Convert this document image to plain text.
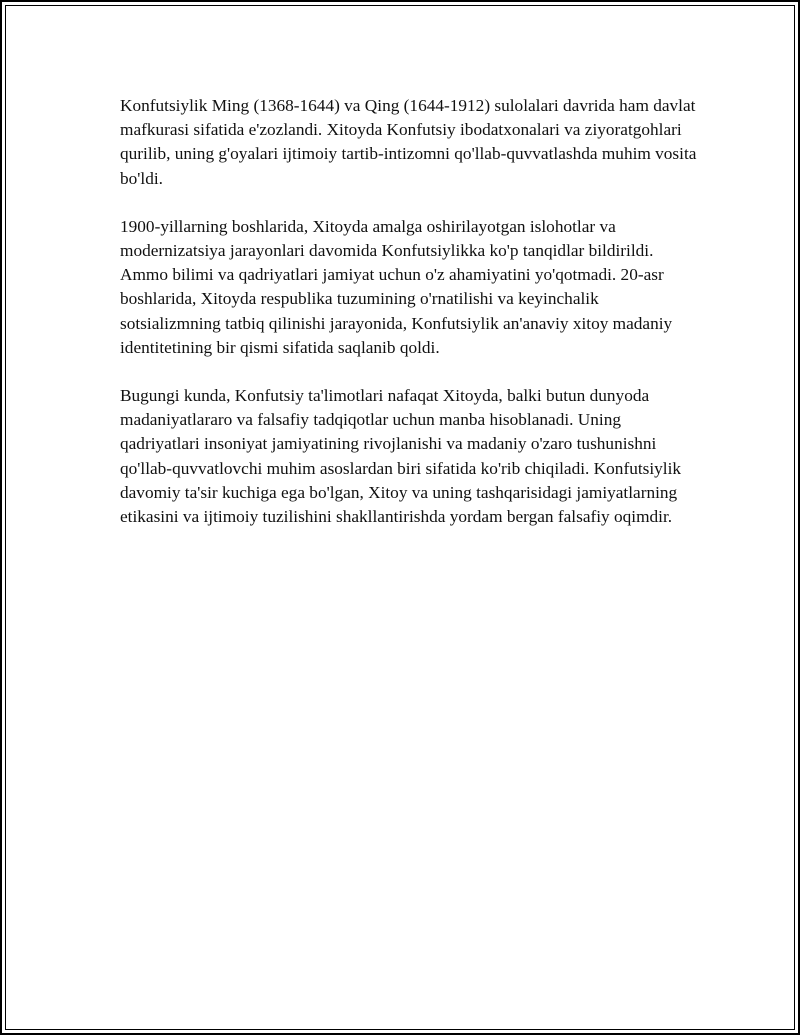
Konfutsiylik Ming (1368-1644) va Qing (1644-1912) sulolalari davrida ham davlat mafkurasi sifatida e'zozlandi. Xitoyda Konfutsiy ibodatxonalari va ziyoratgohlari qurilib, uning g'oyalari ijtimoiy tartib-intizomni qo'llab-quvvatlashda muhim vosita bo'ldi.

1900-yillarning boshlarida, Xitoyda amalga oshirilayotgan islohotlar va modernizatsiya jarayonlari davomida Konfutsiylikka ko'p tanqidlar bildirildi. Ammo bilimi va qadriyatlari jamiyat uchun o'z ahamiyatini yo'qotmadi. 20-asr boshlarida, Xitoyda respublika tuzumining o'rnatilishi va keyinchalik sotsializmning tatbiq qilinishi jarayonida, Konfutsiylik an'anaviy xitoy madaniy identitetining bir qismi sifatida saqlanib qoldi.

Bugungi kunda, Konfutsiy ta'limotlari nafaqat Xitoyda, balki butun dunyoda madaniyatlararo va falsafiy tadqiqotlar uchun manba hisoblanadi. Uning qadriyatlari insoniyat jamiyatining rivojlanishi va madaniy o'zaro tushunishni qo'llab-quvvatlovchi muhim asoslardan biri sifatida ko'rib chiqiladi. Konfutsiylik davomiy ta'sir kuchiga ega bo'lgan, Xitoy va uning tashqarisidagi jamiyatlarning etikasini va ijtimoiy tuzilishini shakllantirishda yordam bergan falsafiy oqimdir.
